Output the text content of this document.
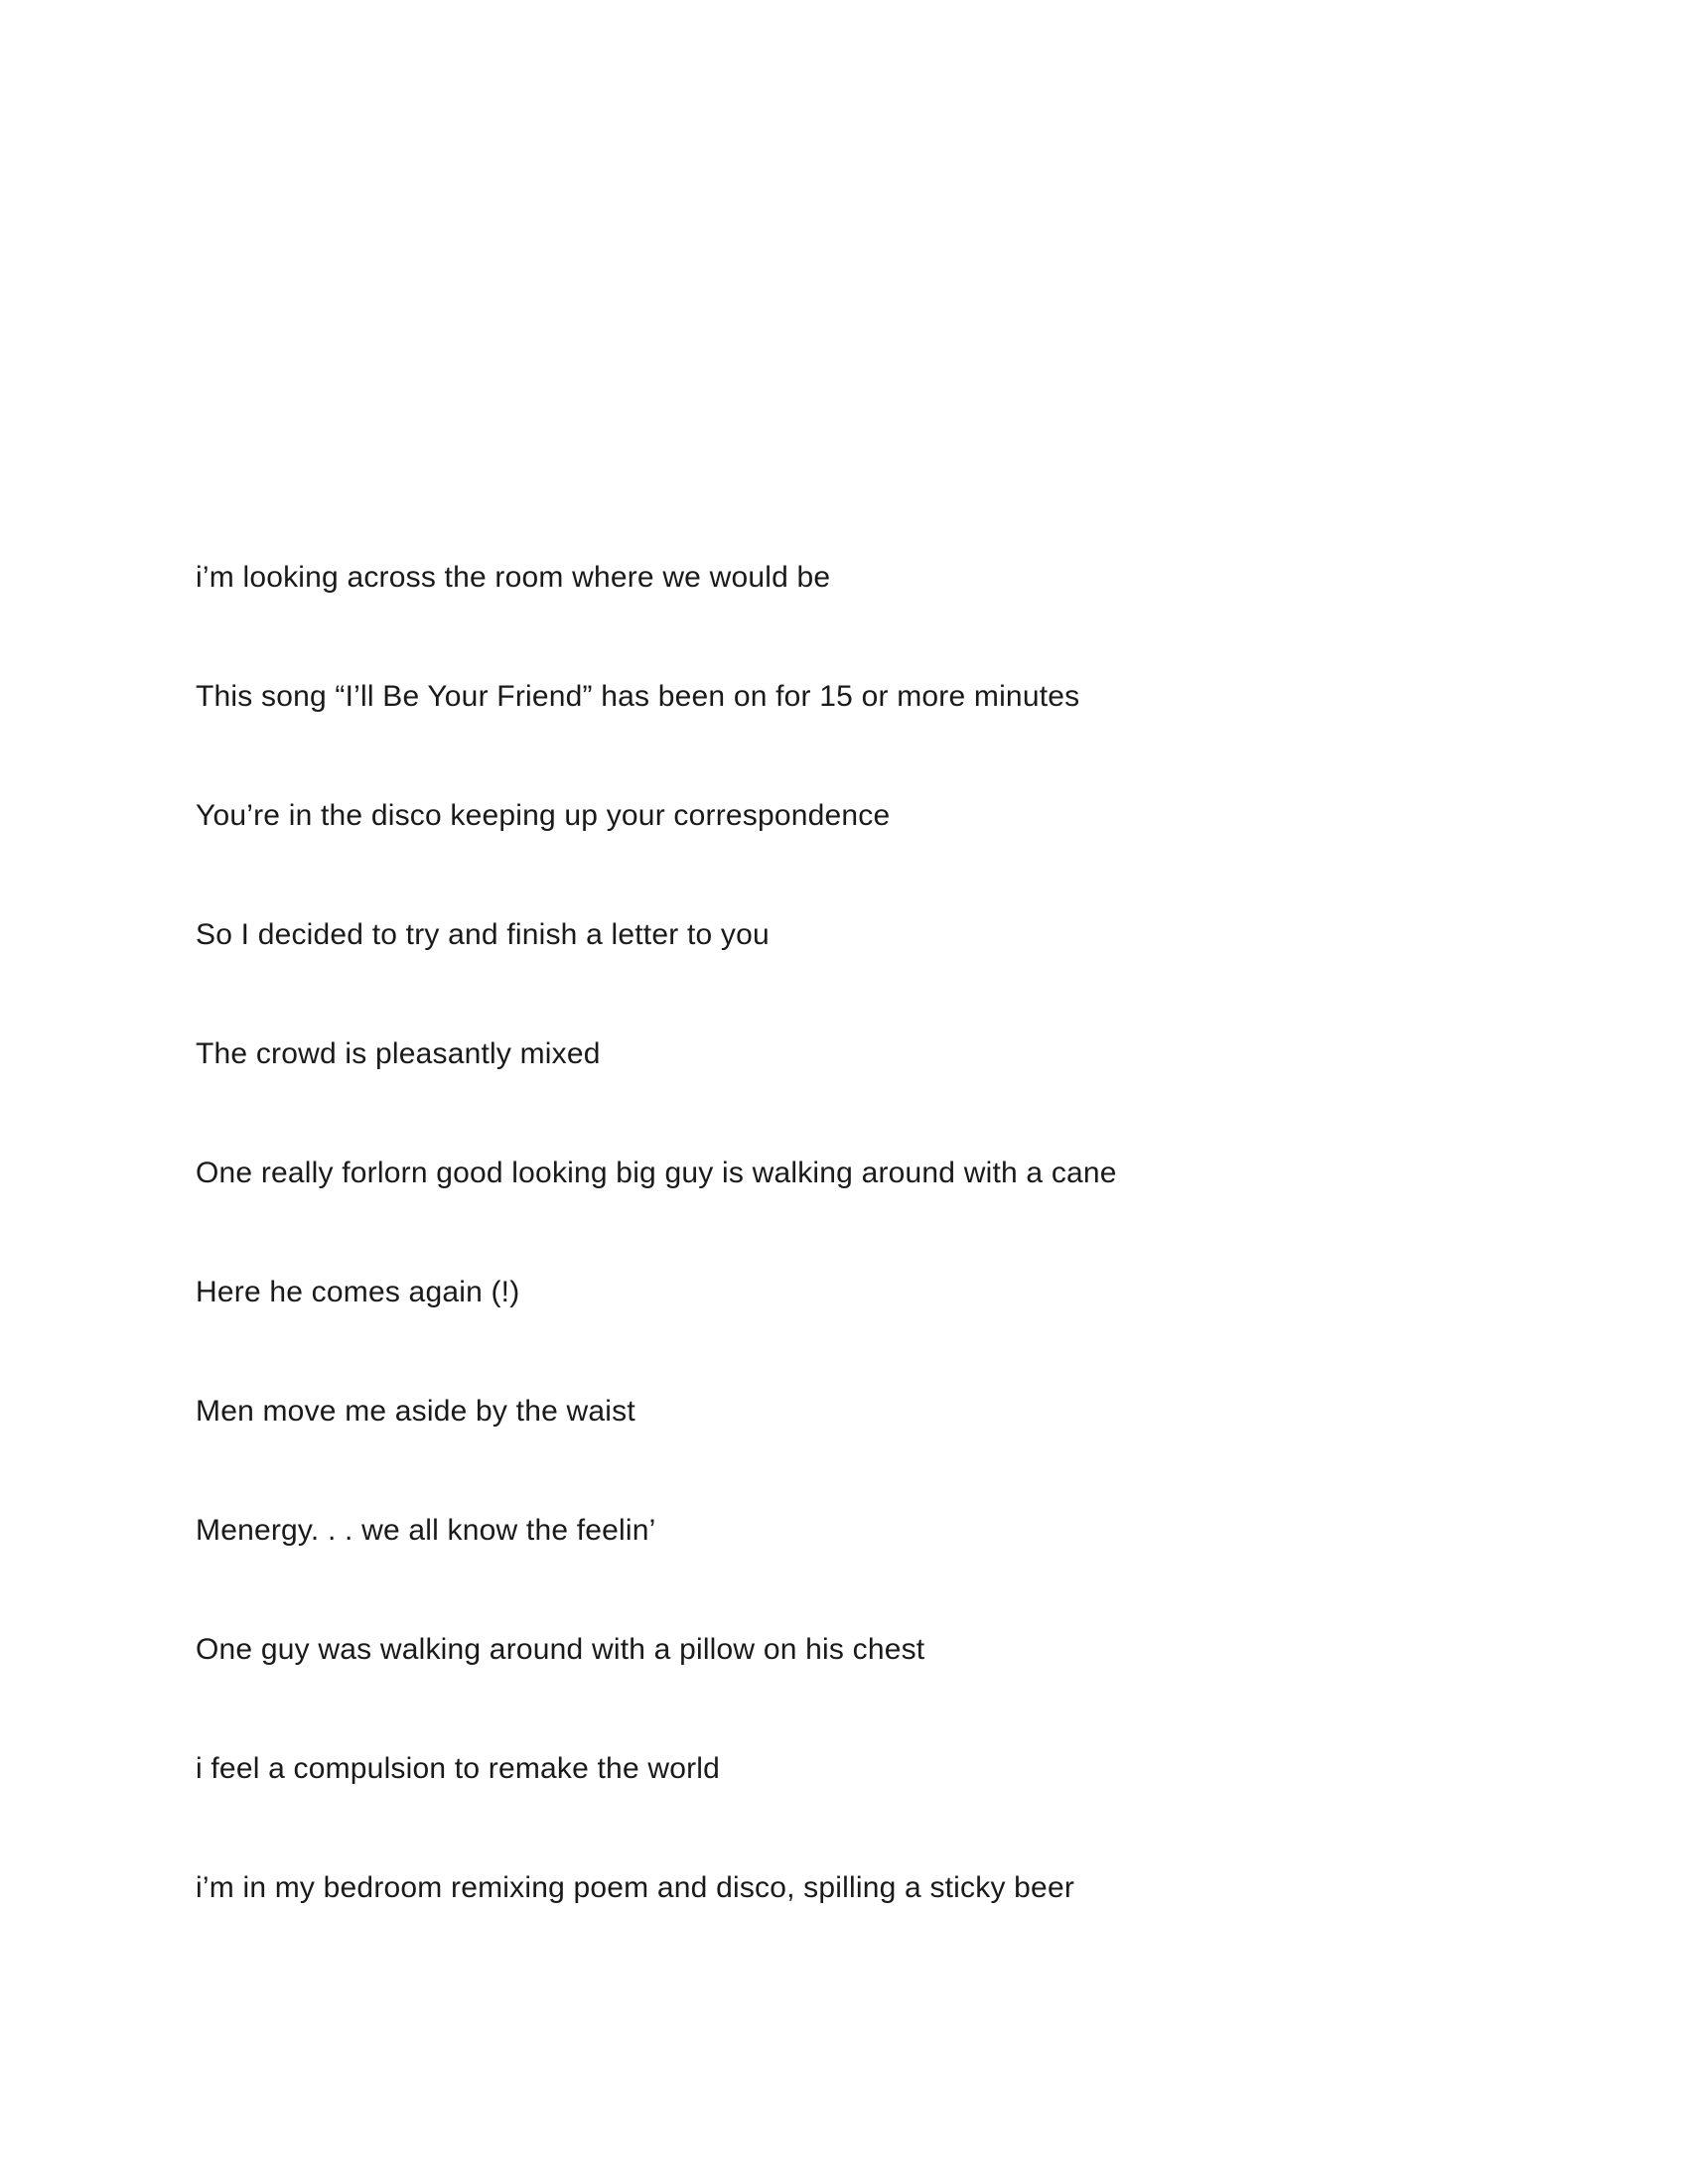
i’m looking across the room where we would be

This song “I’ll Be Your Friend” has been on for 15 or more minutes

You’re in the disco keeping up your correspondence

So I decided to try and finish a letter to you

The crowd is pleasantly mixed

One really forlorn good looking big guy is walking around with a cane

Here he comes again (!)

Men move me aside by the waist

Menergy. . . we all know the feelin’

One guy was walking around with a pillow on his chest

i feel a compulsion to remake the world

i’m in my bedroom remixing poem and disco, spilling a sticky beer
